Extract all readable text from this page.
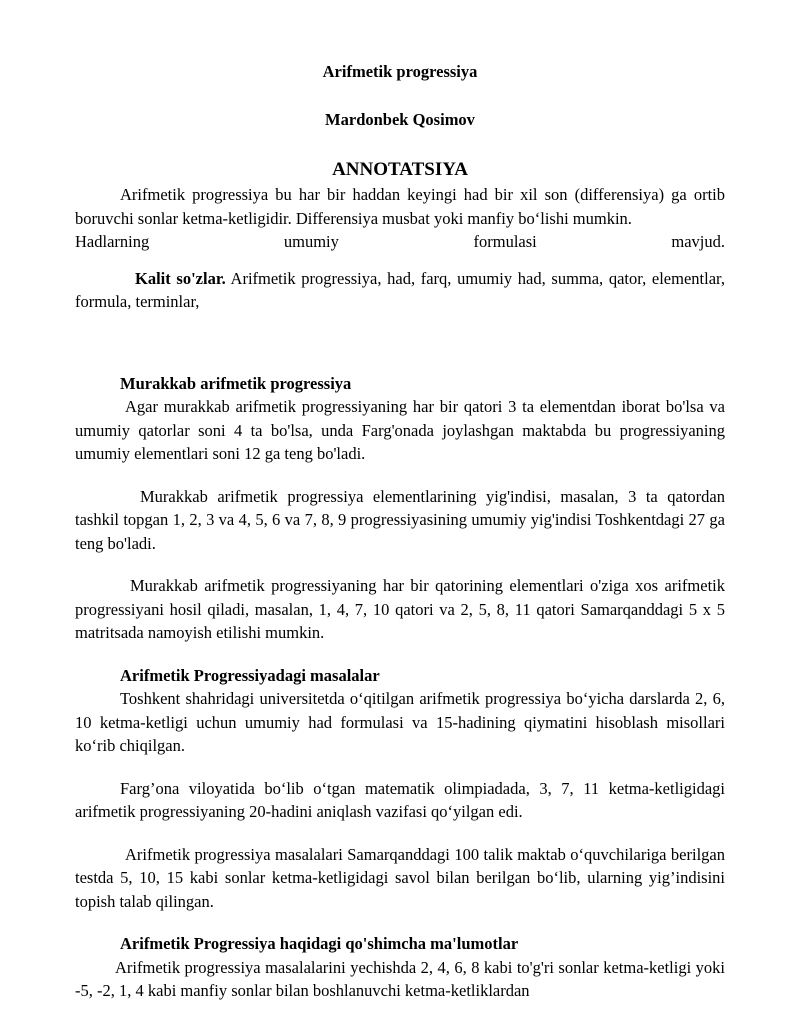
Arifmetik progressiya
Mardonbek Qosimov
ANNOTATSIYA

Arifmetik progressiya bu har bir haddan keyingi had bir xil son (differensiya) ga ortib boruvchi sonlar ketma-ketligidir. Differensiya musbat yoki manfiy bo‘lishi mumkin.

Hadlarning umumiy formulasi mavjud.

Kalit so'zlar. Arifmetik progressiya, had, farq, umumiy had, summa, qator, elementlar, formula, terminlar,

Murakkab arifmetik progressiya

Agar murakkab arifmetik progressiyaning har bir qatori 3 ta elementdan iborat bo'lsa va umumiy qatorlar soni 4 ta bo'lsa, unda Farg'onada joylashgan maktabda bu progressiyaning umumiy elementlari soni 12 ga teng bo'ladi.

Murakkab arifmetik progressiya elementlarining yig'indisi, masalan, 3 ta qatordan tashkil topgan 1, 2, 3 va 4, 5, 6 va 7, 8, 9 progressiyasining umumiy yig'indisi Toshkentdagi 27 ga teng bo'ladi.

Murakkab arifmetik progressiyaning har bir qatorining elementlari o'ziga xos arifmetik progressiyani hosil qiladi, masalan, 1, 4, 7, 10 qatori va 2, 5, 8, 11 qatori Samarqanddagi 5 x 5 matritsada namoyish etilishi mumkin.

Arifmetik Progressiyadagi masalalar

Toshkent shahridagi universitetda o‘qitilgan arifmetik progressiya bo‘yicha darslarda 2, 6, 10 ketma-ketligi uchun umumiy had formulasi va 15-hadining qiymatini hisoblash misollari ko‘rib chiqilgan.

Farg’ona viloyatida bo‘lib o‘tgan matematik olimpiadada, 3, 7, 11 ketma-ketligidagi arifmetik progressiyaning 20-hadini aniqlash vazifasi qo‘yilgan edi.

Arifmetik progressiya masalalari Samarqanddagi 100 talik maktab o‘quvchilariga berilgan testda 5, 10, 15 kabi sonlar ketma-ketligidagi savol bilan berilgan bo‘lib, ularning yig’indisini topish talab qilingan.

Arifmetik Progressiya haqidagi qo'shimcha ma'lumotlar

Arifmetik progressiya masalalarini yechishda 2, 4, 6, 8 kabi to'g'ri sonlar ketma-ketligi yoki -5, -2, 1, 4 kabi manfiy sonlar bilan boshlanuvchi ketma-ketliklardan
